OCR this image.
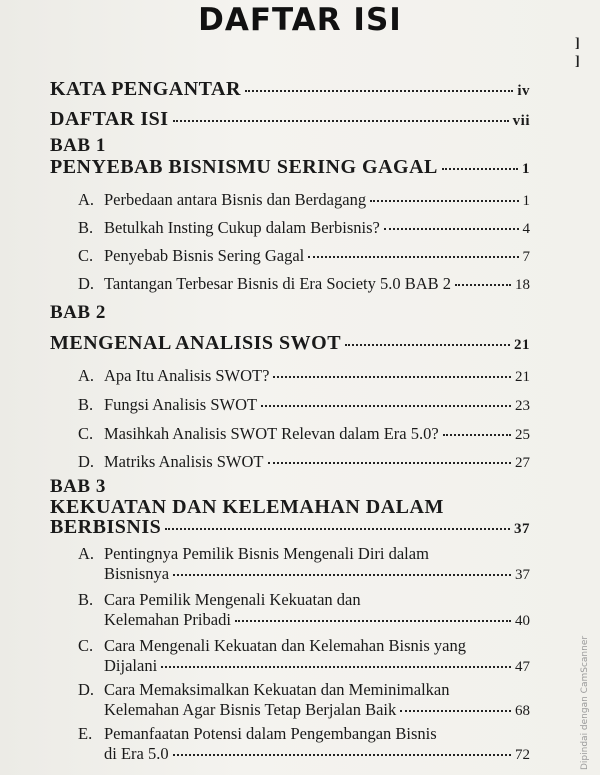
DAFTAR ISI
]
]
KATA PENGANTAR	iv
DAFTAR ISI	vii
BAB 1
PENYEBAB BISNISMU SERING GAGAL	1
A. Perbedaan antara Bisnis dan Berdagang	1
B. Betulkah Insting Cukup dalam Berbisnis?	4
C. Penyebab Bisnis Sering Gagal	7
D. Tantangan Terbesar Bisnis di Era Society 5.0 BAB 2	18
BAB 2
MENGENAL ANALISIS SWOT	21
A. Apa Itu Analisis SWOT?	21
B. Fungsi Analisis SWOT	23
C. Masihkah Analisis SWOT Relevan dalam Era 5.0?	25
D. Matriks Analisis SWOT	27
BAB 3
KEKUATAN DAN KELEMAHAN DALAM
BERBISNIS	37
A. Pentingnya Pemilik Bisnis Mengenali Diri dalam
Bisnisnya	37
B. Cara Pemilik Mengenali Kekuatan dan
Kelemahan Pribadi	40
C. Cara Mengenali Kekuatan dan Kelemahan Bisnis yang
Dijalani	47
D. Cara Memaksimalkan Kekuatan dan Meminimalkan
Kelemahan Agar Bisnis Tetap Berjalan Baik	68
E. Pemanfaatan Potensi dalam Pengembangan Bisnis
di Era 5.0	72	Dipindai dengan CamScanner
